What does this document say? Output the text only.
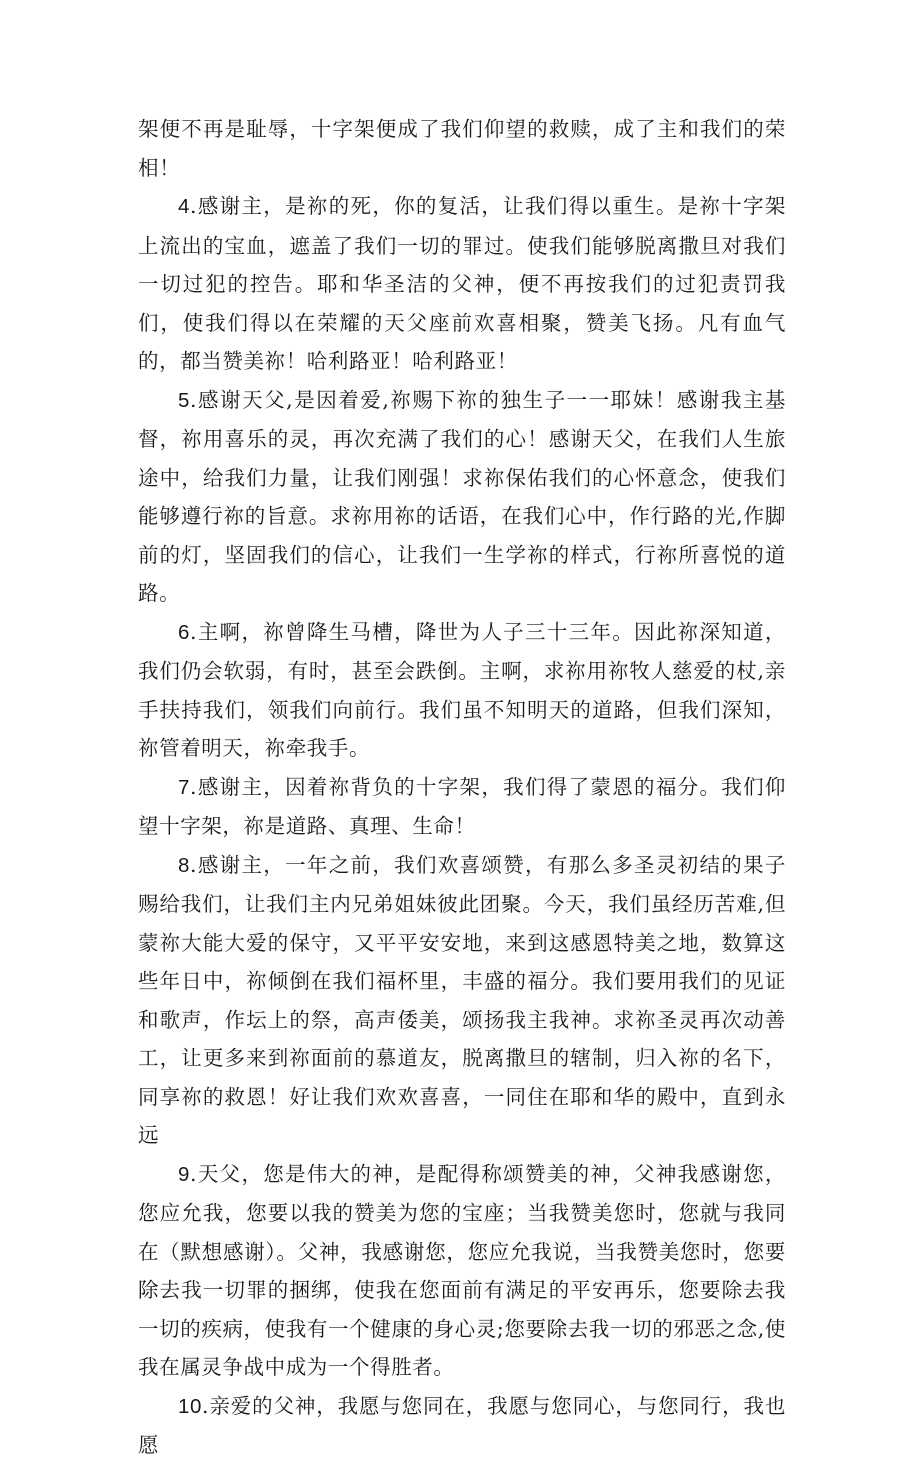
架便不再是耻辱，十字架便成了我们仰望的救赎，成了主和我们的荣相！

4.感谢主，是祢的死，你的复活，让我们得以重生。是祢十字架上流出的宝血，遮盖了我们一切的罪过。使我们能够脱离撒旦对我们一切过犯的控告。耶和华圣洁的父神，便不再按我们的过犯责罚我们，使我们得以在荣耀的天父座前欢喜相聚，赞美飞扬。凡有血气的，都当赞美祢！哈利路亚！哈利路亚！

5.感谢天父,是因着爱,祢赐下祢的独生子一一耶妹！感谢我主基督，祢用喜乐的灵，再次充满了我们的心！感谢天父，在我们人生旅途中，给我们力量，让我们刚强！求祢保佑我们的心怀意念，使我们能够遵行祢的旨意。求祢用祢的话语，在我们心中，作行路的光,作脚前的灯，坚固我们的信心，让我们一生学祢的样式，行祢所喜悦的道路。

6.主啊，祢曾降生马槽，降世为人子三十三年。因此祢深知道，我们仍会软弱，有时，甚至会跌倒。主啊，求祢用祢牧人慈爱的杖,亲手扶持我们，领我们向前行。我们虽不知明天的道路，但我们深知，祢管着明天，祢牵我手。

7.感谢主，因着祢背负的十字架，我们得了蒙恩的福分。我们仰望十字架，祢是道路、真理、生命！

8.感谢主，一年之前，我们欢喜颂赞，有那么多圣灵初结的果子赐给我们，让我们主内兄弟姐妹彼此团聚。今天，我们虽经历苦难,但蒙祢大能大爱的保守，又平平安安地，来到这感恩特美之地，数算这些年日中，祢倾倒在我们福杯里，丰盛的福分。我们要用我们的见证和歌声，作坛上的祭，高声倭美，颂扬我主我神。求祢圣灵再次动善工，让更多来到祢面前的慕道友，脱离撒旦的辖制，归入祢的名下，同享祢的救恩！好让我们欢欢喜喜，一同住在耶和华的殿中，直到永远

9.天父，您是伟大的神，是配得称颂赞美的神，父神我感谢您，您应允我，您要以我的赞美为您的宝座；当我赞美您时，您就与我同在（默想感谢）。父神，我感谢您，您应允我说，当我赞美您时，您要除去我一切罪的捆绑，使我在您面前有满足的平安再乐，您要除去我一切的疾病，使我有一个健康的身心灵;您要除去我一切的邪恶之念,使我在属灵争战中成为一个得胜者。

10.亲爱的父神，我愿与您同在，我愿与您同心，与您同行，我也愿
